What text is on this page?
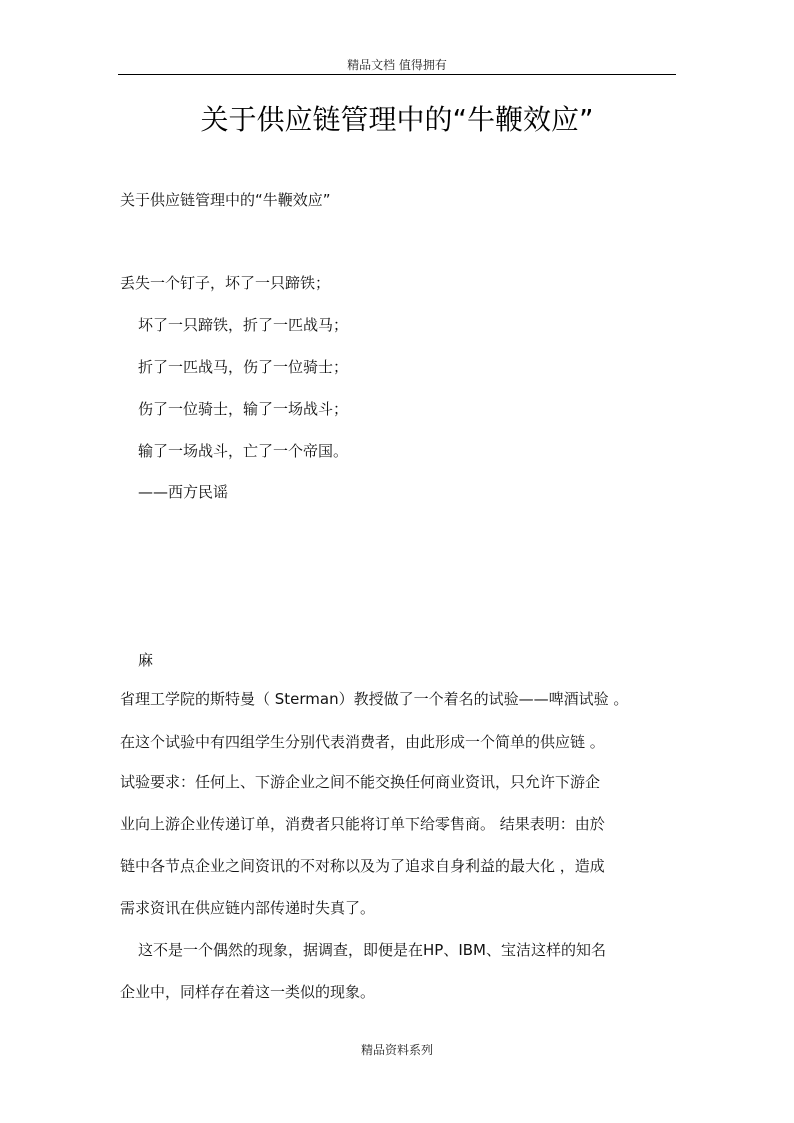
精品文档 值得拥有
关于供应链管理中的“牛鞭效应”
关于供应链管理中的“牛鞭效应”
丢失一个钉子，坏了一只蹄铁；
坏了一只蹄铁，折了一匹战马；
折了一匹战马，伤了一位骑士；
伤了一位骑士，输了一场战斗；
输了一场战斗，亡了一个帝国。
——西方民谣
麻
省理工学院的斯特曼（ Sterman）教授做了一个着名的试验——啤酒试验 。
在这个试验中有四组学生分别代表消费者，由此形成一个简单的供应链 。
试验要求：任何上、下游企业之间不能交换任何商业资讯，只允许下游企
业向上游企业传递订单，消费者只能将订单下给零售商。 结果表明：由於
链中各节点企业之间资讯的不对称以及为了追求自身利益的最大化 ，造成
需求资讯在供应链内部传递时失真了。
这不是一个偶然的现象，据调查，即便是在HP、IBM、宝洁这样的知名
企业中，同样存在着这一类似的现象。
精品资料系列
